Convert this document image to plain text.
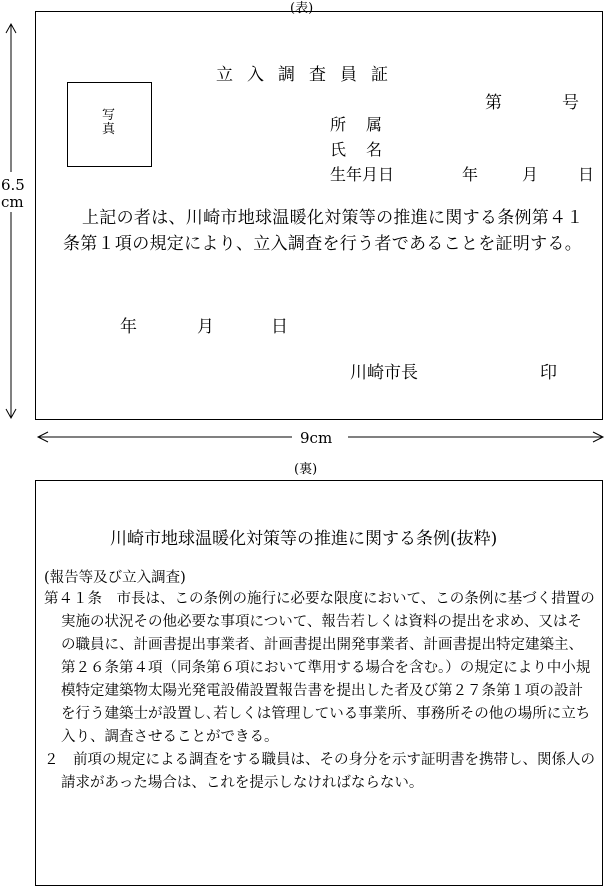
(表)
立入調査員証
第	号
写
真	所　属
氏　名
生年月日	年	月 日
上記の者は、川崎市地球温暖化対策等の推進に関する条例第４１条第１項の規定により、立入調査を行う者であることを証明する。
年	月	日
川崎市長	印
6.5
cm
9cm
(裏)
川崎市地球温暖化対策等の推進に関する条例(抜粋)
(報告等及び立入調査)

第４１条　市長は、この条例の施行に必要な限度において、この条例に基づく措置の実施の状況その他必要な事項について、報告若しくは資料の提出を求め、又はその職員に、計画書提出事業者、計画書提出開発事業者、計画書提出特定建築主、第２６条第４項（同条第６項において準用する場合を含む。）の規定により中小規模特定建築物太陽光発電設備設置報告書を提出した者及び第２７条第１項の設計を行う建築士が設置し､若しくは管理している事業所、事務所その他の場所に立ち入り、調査させることができる。

２　前項の規定による調査をする職員は、その身分を示す証明書を携帯し、関係人の請求があった場合は、これを提示しなければならない。
